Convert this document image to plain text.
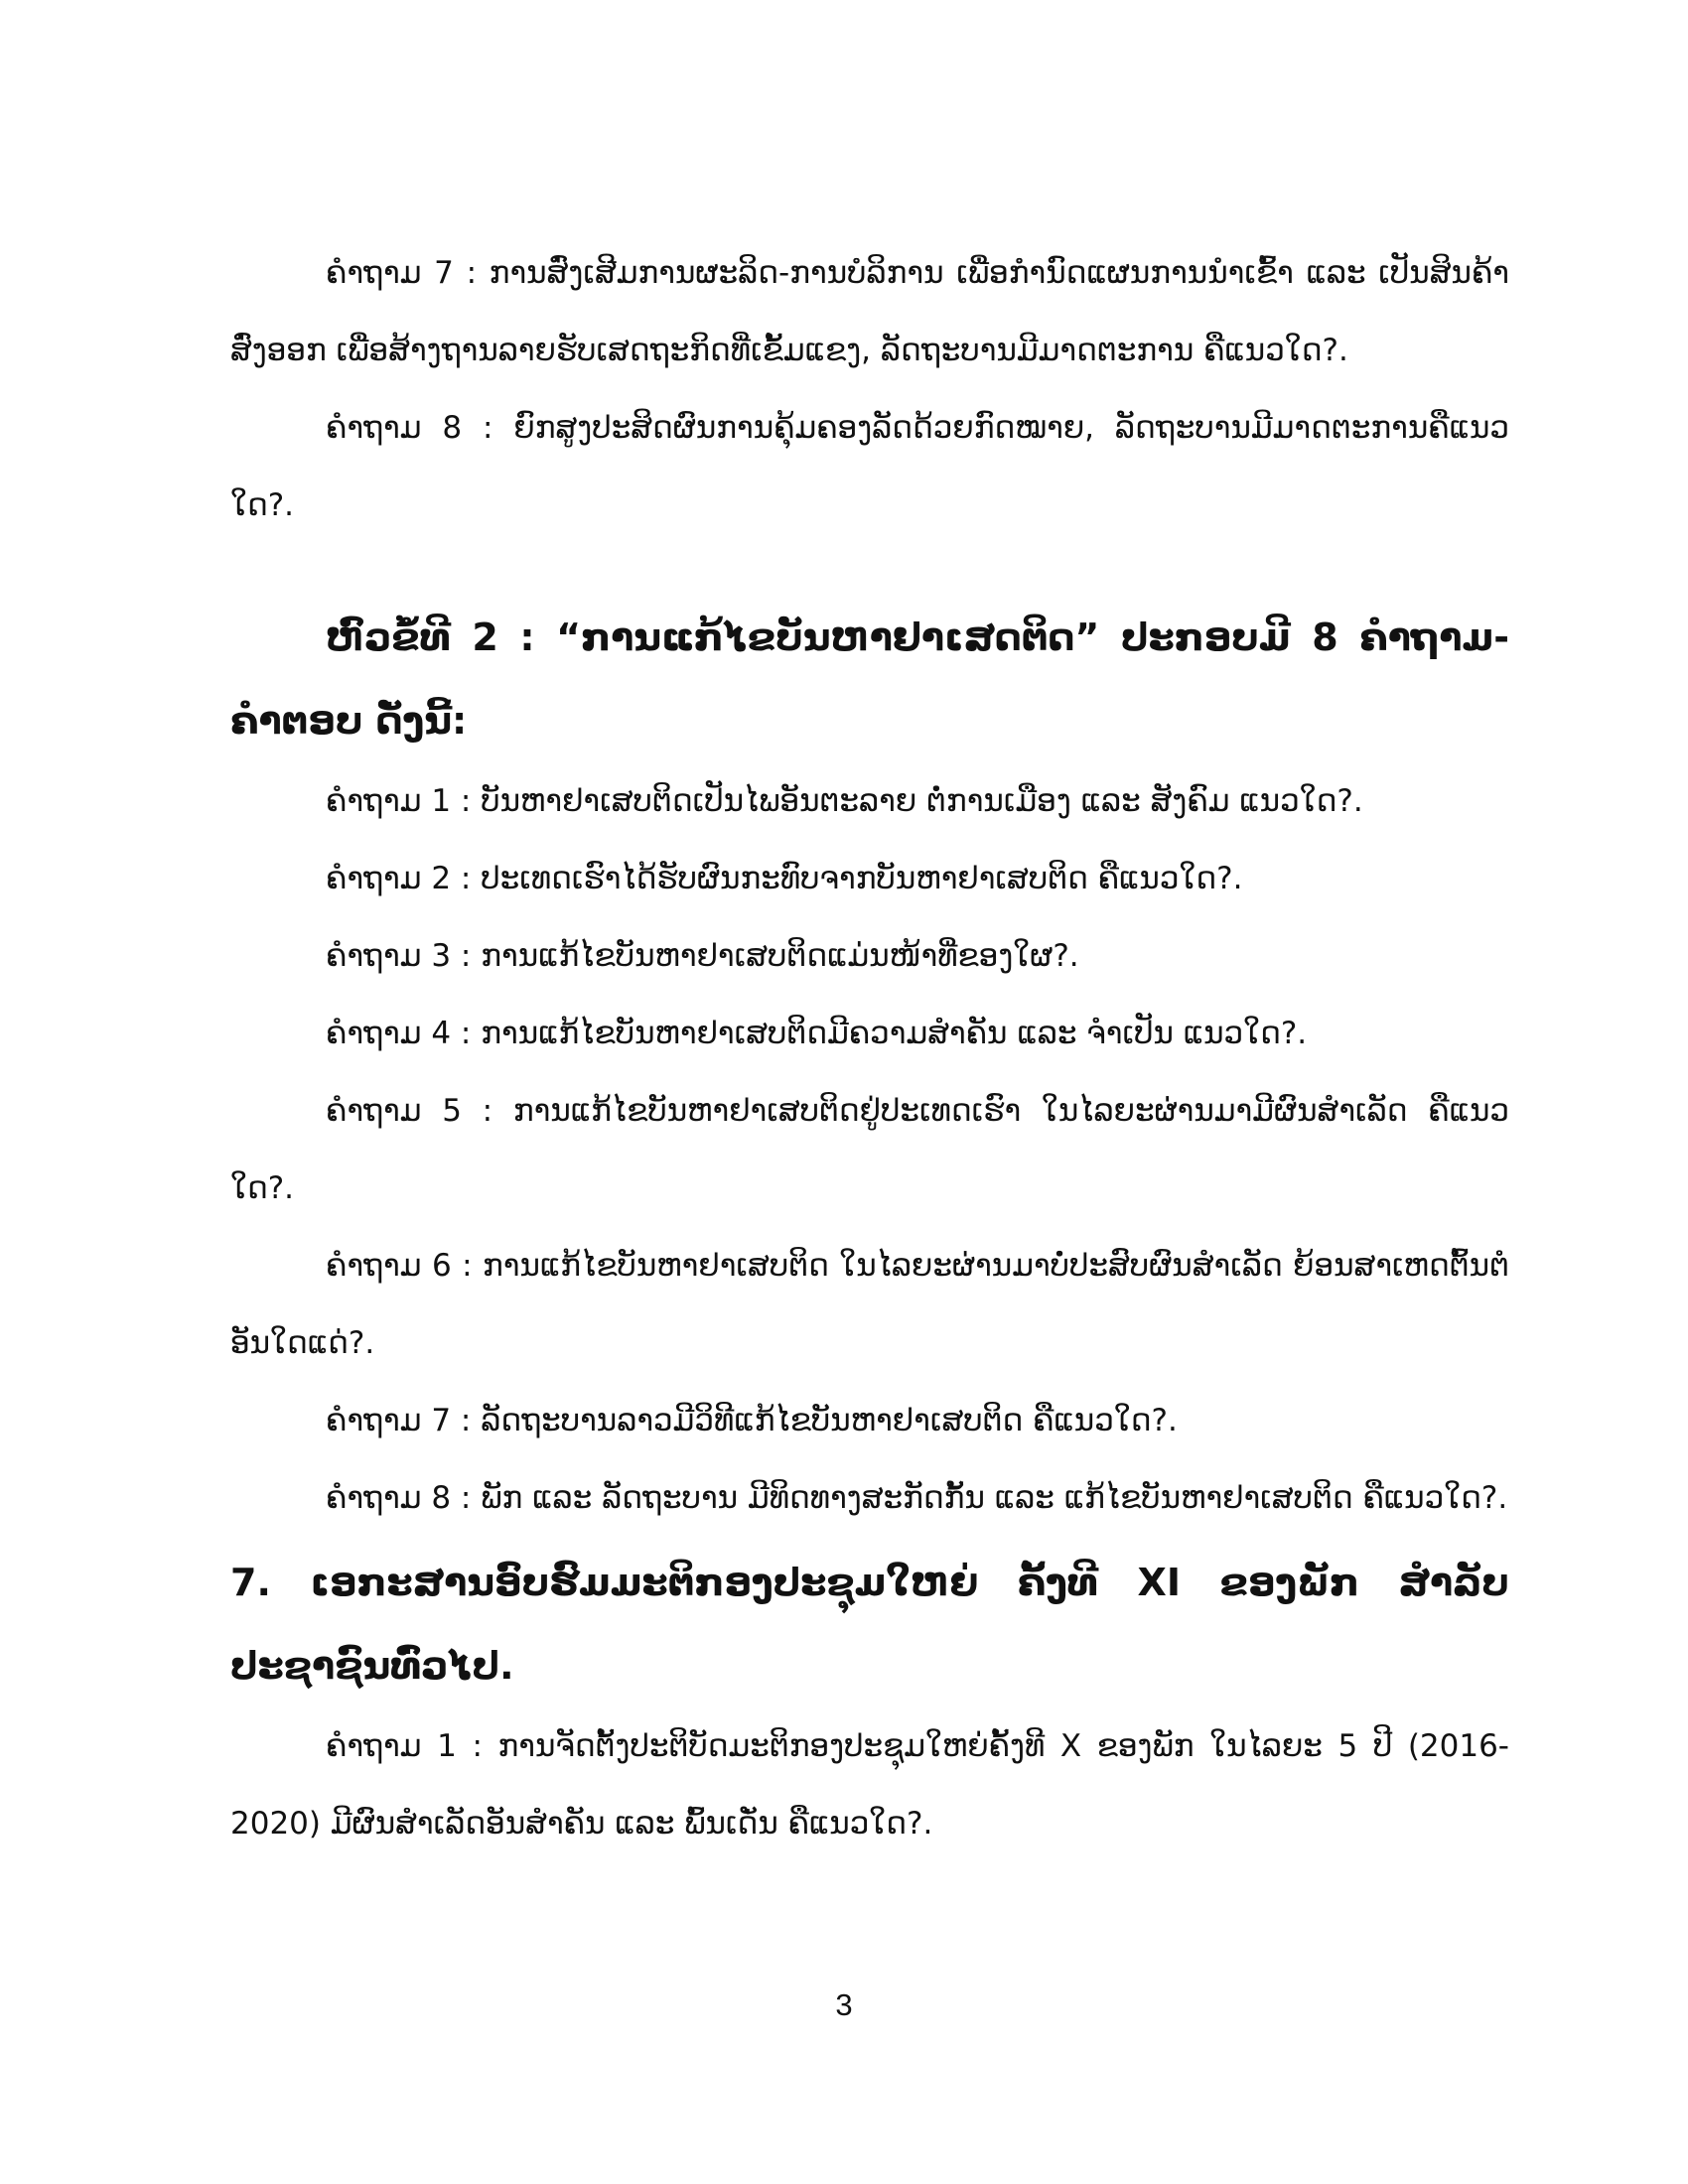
ຄຳຖາມ 7 : ການສົ່ງເສີມການຜະລິດ-ການບໍລິການ ເພື່ອກຳນົດແຜນການນຳເຂົ້າ ແລະ ເປັນສິນຄ້າສົ່ງອອກ ເພື່ອສ້າງຖານລາຍຮັບເສດຖະກິດທີ່ເຂັ້ມແຂງ, ລັດຖະບານມີມາດຕະການ ຄືແນວໃດ?.

ຄຳຖາມ 8 : ຍົກສູງປະສິດຜົນການຄຸ້ມຄອງລັດດ້ວຍກົດໝາຍ, ລັດຖະບານມີມາດຕະການຄືແນວໃດ?.

ຫົວຂໍ້ທີ 2 : “ການແກ້ໄຂບັນຫາຢາເສດຕິດ” ປະກອບມີ 8 ຄຳຖາມ-ຄຳຕອບ ດັ່ງນີ້:

ຄຳຖາມ 1 : ບັນຫາຢາເສບຕິດເປັນໄພອັນຕະລາຍ ຕໍ່ການເມືອງ ແລະ ສັງຄົມ ແນວໃດ?.

ຄຳຖາມ 2 : ປະເທດເຮົາໄດ້ຮັບຜົນກະທົບຈາກບັນຫາຢາເສບຕິດ ຄືແນວໃດ?.

ຄຳຖາມ 3 : ການແກ້ໄຂບັນຫາຢາເສບຕິດແມ່ນໜ້າທີ່ຂອງໃຜ?.

ຄຳຖາມ 4 : ການແກ້ໄຂບັນຫາຢາເສບຕິດມີຄວາມສຳຄັນ ແລະ ຈຳເປັນ ແນວໃດ?.

ຄຳຖາມ 5 : ການແກ້ໄຂບັນຫາຢາເສບຕິດຢູ່ປະເທດເຮົາ ໃນໄລຍະຜ່ານມາມີຜົນສຳເລັດ ຄືແນວໃດ?.

ຄຳຖາມ 6 : ການແກ້ໄຂບັນຫາຢາເສບຕິດ ໃນໄລຍະຜ່ານມາບໍ່ປະສົບຜົນສຳເລັດ ຍ້ອນສາເຫດຕົ້ນຕໍອັນໃດແດ່?.

ຄຳຖາມ 7 : ລັດຖະບານລາວມີວິທີແກ້ໄຂບັນຫາຢາເສບຕິດ ຄືແນວໃດ?.

ຄຳຖາມ 8 : ພັກ ແລະ ລັດຖະບານ ມີທິດທາງສະກັດກັ້ນ ແລະ ແກ້ໄຂບັນຫາຢາເສບຕິດ ຄືແນວໃດ?.

7. ເອກະສານອົບຮົມມະຕິກອງປະຊຸມໃຫຍ່ ຄັ້ງທີ XI ຂອງພັກ ສຳລັບປະຊາຊົນທົ່ວໄປ.

ຄຳຖາມ 1 : ການຈັດຕັ້ງປະຕິບັດມະຕິກອງປະຊຸມໃຫຍ່ຄັ້ງທີ X ຂອງພັກ ໃນໄລຍະ 5 ປີ (2016-2020) ມີຜົນສຳເລັດອັນສຳຄັນ ແລະ ພົ້ນເດັ່ນ ຄືແນວໃດ?.

3
